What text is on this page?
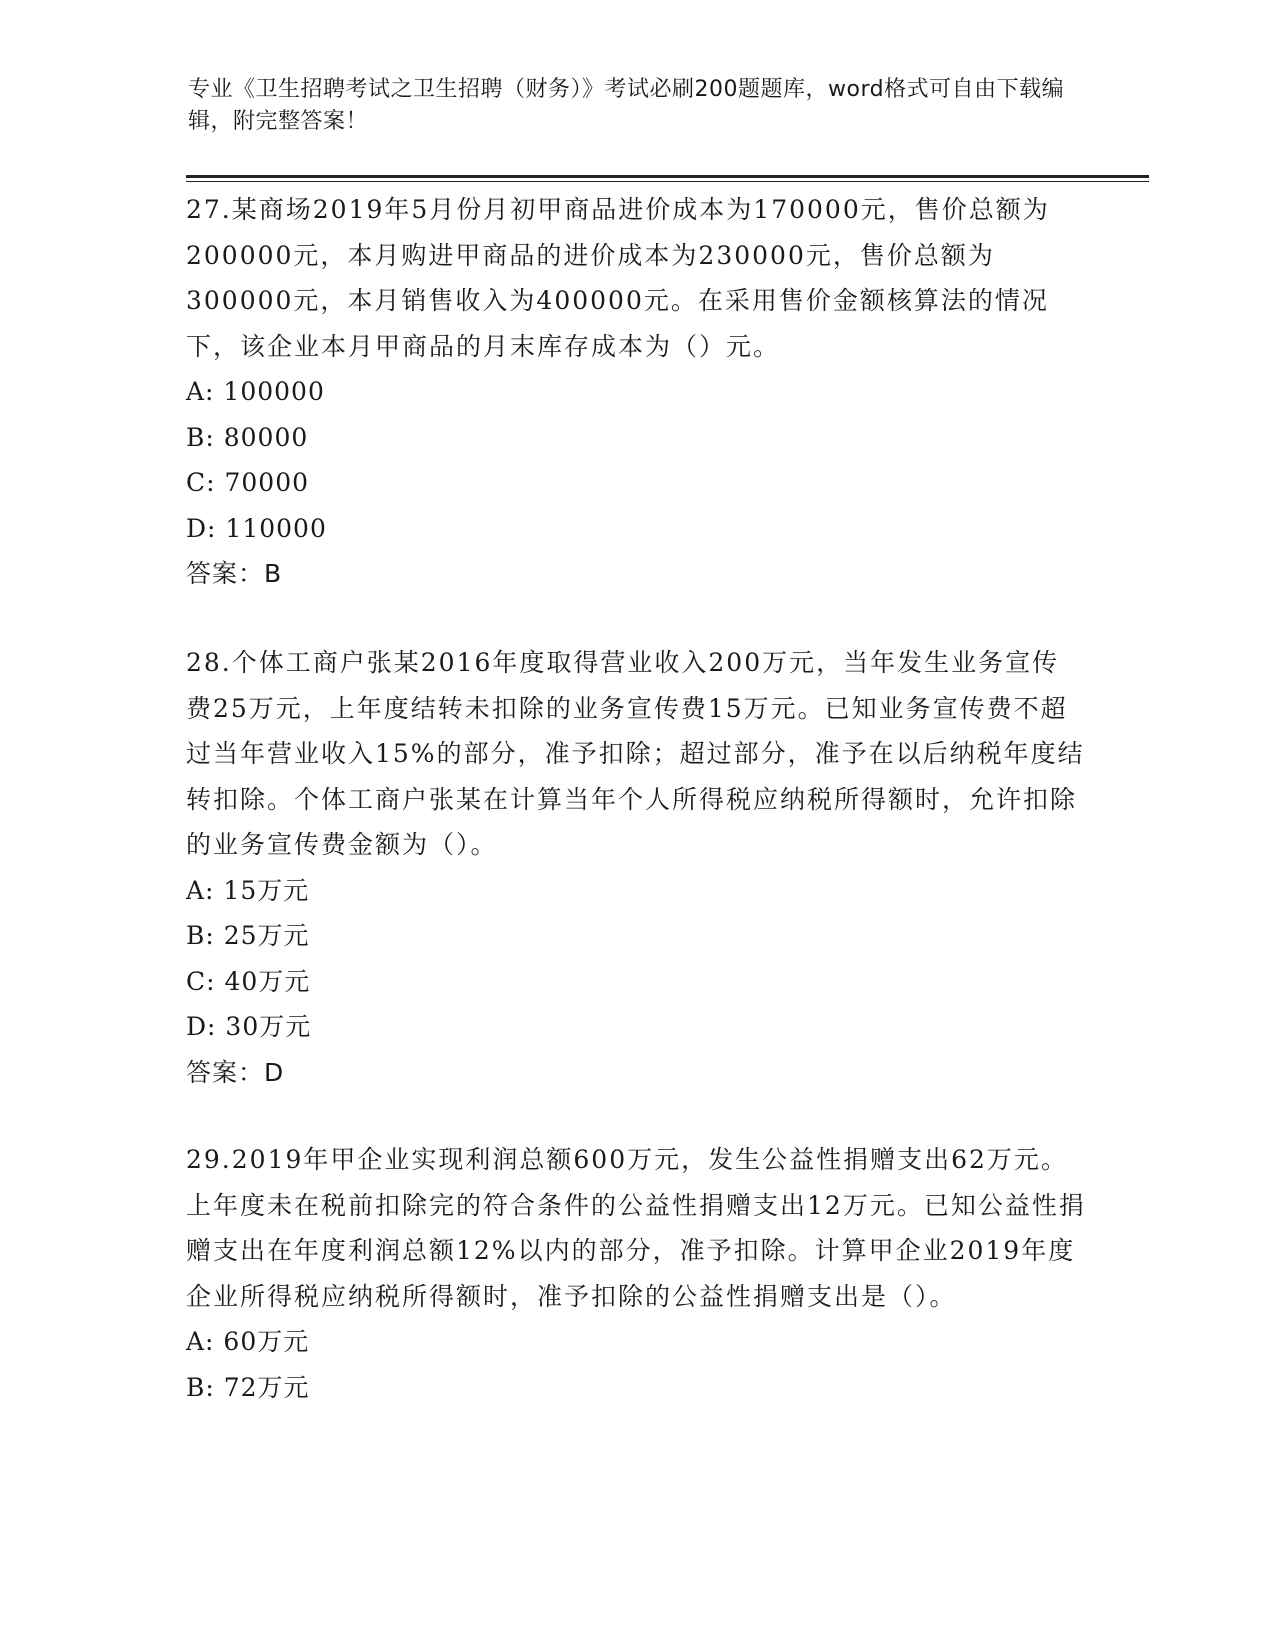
专业《卫生招聘考试之卫生招聘（财务）》考试必刷200题题库，word格式可自由下载编辑，附完整答案！

27.某商场2019年5月份月初甲商品进价成本为170000元，售价总额为200000元，本月购进甲商品的进价成本为230000元，售价总额为300000元，本月销售收入为400000元。在采用售价金额核算法的情况下，该企业本月甲商品的月末库存成本为（）元。

A: 100000

B: 80000

C: 70000

D: 110000

答案：B

28.个体工商户张某2016年度取得营业收入200万元，当年发生业务宣传费25万元，上年度结转未扣除的业务宣传费15万元。已知业务宣传费不超过当年营业收入15%的部分，准予扣除；超过部分，准予在以后纳税年度结转扣除。个体工商户张某在计算当年个人所得税应纳税所得额时，允许扣除的业务宣传费金额为（）。

A: 15万元

B: 25万元

C: 40万元

D: 30万元

答案：D

29.2019年甲企业实现利润总额600万元，发生公益性捐赠支出62万元。上年度未在税前扣除完的符合条件的公益性捐赠支出12万元。已知公益性捐赠支出在年度利润总额12%以内的部分，准予扣除。计算甲企业2019年度企业所得税应纳税所得额时，准予扣除的公益性捐赠支出是（）。

A: 60万元

B: 72万元
